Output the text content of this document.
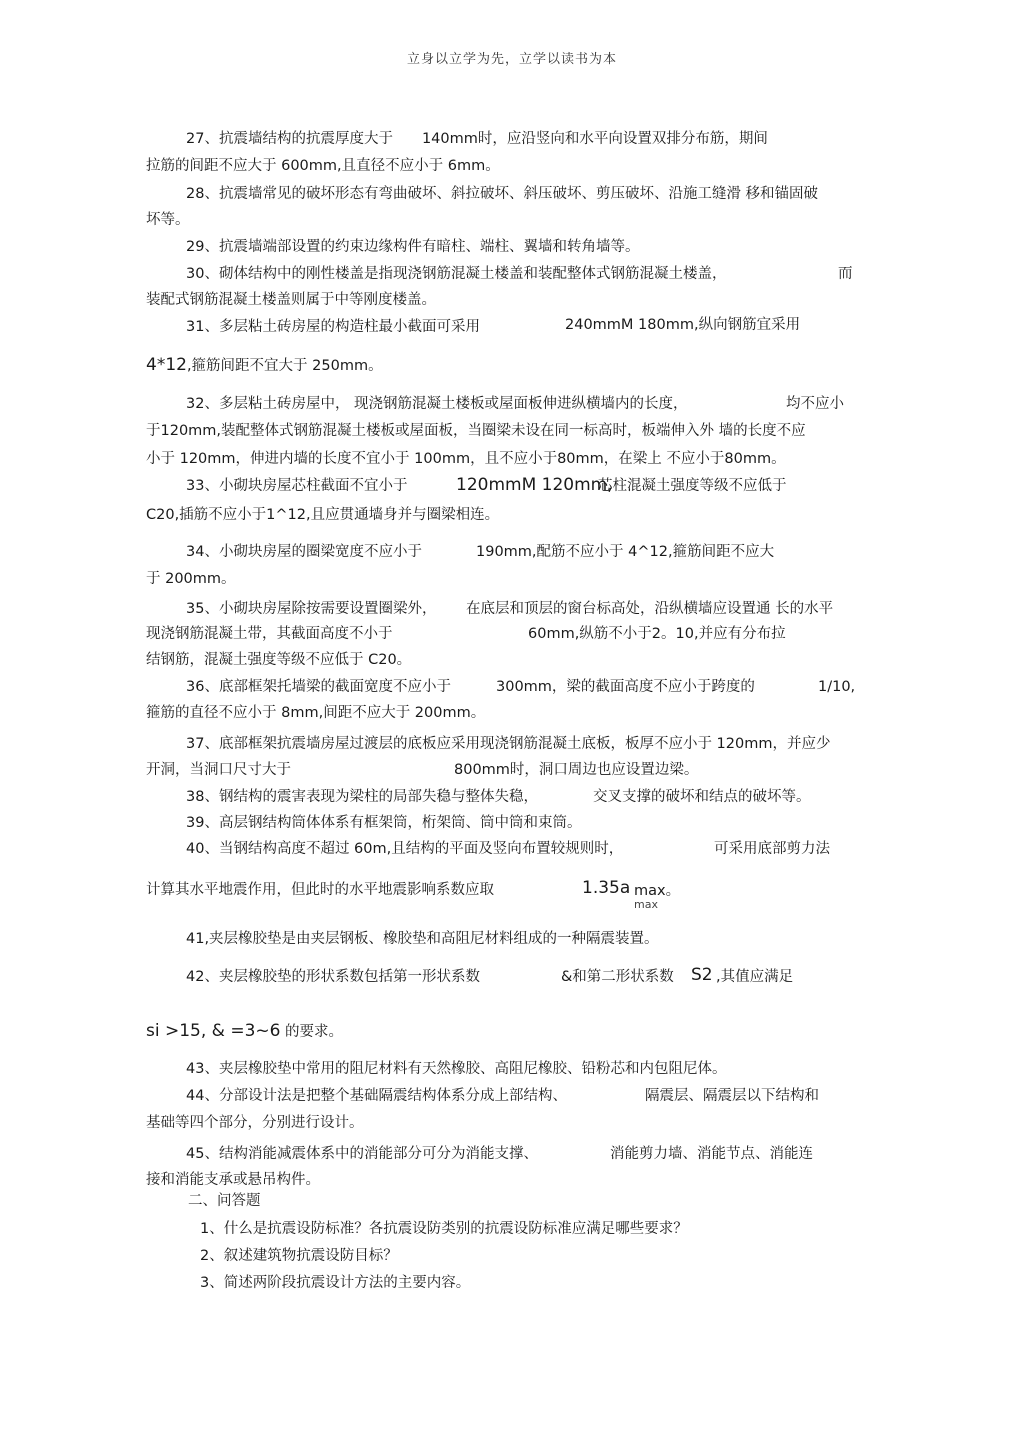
立身以立学为先，立学以读书为本
27、抗震墙结构的抗震厚度大于　　140mm时，应沿竖向和水平向设置双排分布筋，期间
拉筋的间距不应大于 600mm,且直径不应小于 6mm。
28、抗震墙常见的破坏形态有弯曲破坏、斜拉破坏、斜压破坏、剪压破坏、沿施工缝滑 移和锚固破
坏等。
29、抗震墙端部设置的约束边缘构件有暗柱、端柱、翼墙和转角墙等。
30、砌体结构中的刚性楼盖是指现浇钢筋混凝土楼盖和装配整体式钢筋混凝土楼盖，	而
装配式钢筋混凝土楼盖则属于中等刚度楼盖。
31、多层粘土砖房屋的构造柱最小截面可采用	240mmM 180mm,纵向钢筋宜采用
4*12,箍筋间距不宜大于 250mm。
32、多层粘土砖房屋中， 现浇钢筋混凝土楼板或屋面板伸进纵横墙内的长度，	均不应小
于120mm,装配整体式钢筋混凝土楼板或屋面板，当圈梁未设在同一标高时，板端伸入外 墙的长度不应
小于 120mm，伸进内墙的长度不宜小于 100mm，且不应小于80mm，在梁上 不应小于80mm。
33、小砌块房屋芯柱截面不宜小于	120mmM 120mm,
芯柱混凝土强度等级不应低于
C20,插筋不应小于1^12,且应贯通墙身并与圈梁相连。
34、小砌块房屋的圈梁宽度不应小于	190mm,配筋不应小于 4^12,箍筋间距不应大
于 200mm。
35、小砌块房屋除按需要设置圈梁外， 在底层和顶层的窗台标高处，沿纵横墙应设置通 长的水平
现浇钢筋混凝土带，其截面高度不小于	60mm,纵筋不小于2。10,并应有分布拉
结钢筋，混凝土强度等级不应低于 C20。
36、底部框架托墙梁的截面宽度不应小于	300mm，梁的截面高度不应小于跨度的	1/10,
箍筋的直径不应小于 8mm,间距不应大于 200mm。
37、底部框架抗震墙房屋过渡层的底板应采用现浇钢筋混凝土底板，板厚不应小于 120mm，并应少
开洞，当洞口尺寸大于	800mm时，洞口周边也应设置边梁。
38、钢结构的震害表现为梁柱的局部失稳与整体失稳，	交叉支撑的破坏和结点的破坏等。
39、高层钢结构筒体体系有框架筒，桁架筒、筒中筒和束筒。
40、当钢结构高度不超过 60m,且结构的平面及竖向布置较规则时，	可采用底部剪力法
计算其水平地震作用，但此时的水平地震影响系数应取	1.35a max。
max
41,夹层橡胶垫是由夹层钢板、橡胶垫和高阻尼材料组成的一种隔震装置。
42、夹层橡胶垫的形状系数包括第一形状系数	&和第二形状系数 S2 ,其值应满足
si >15, & =3~6 的要求。
43、夹层橡胶垫中常用的阻尼材料有天然橡胶、高阻尼橡胶、铅粉芯和内包阻尼体。
44、分部设计法是把整个基础隔震结构体系分成上部结构、	隔震层、隔震层以下结构和
基础等四个部分，分别进行设计。
45、结构消能减震体系中的消能部分可分为消能支撑、	消能剪力墙、消能节点、消能连
接和消能支承或悬吊构件。
二、问答题
1、什么是抗震设防标准？各抗震设防类别的抗震设防标准应满足哪些要求？
2、叙述建筑物抗震设防目标？
3、简述两阶段抗震设计方法的主要内容。
